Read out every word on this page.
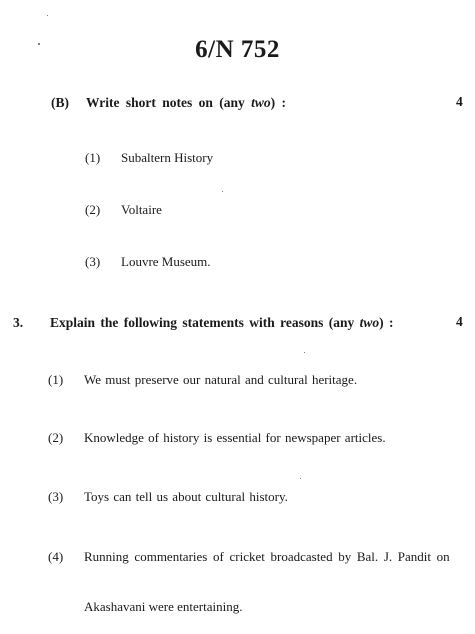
6/N 752
(B) Write short notes on (any two) :	4
(1) Subaltern History
(2) Voltaire
(3) Louvre Museum.
3. Explain the following statements with reasons (any two) :	4
(1) We must preserve our natural and cultural heritage.
(2) Knowledge of history is essential for newspaper articles.
(3) Toys can tell us about cultural history.
(4) Running commentaries of cricket broadcasted by Bal. J. Pandit on
Akashavani were entertaining.
